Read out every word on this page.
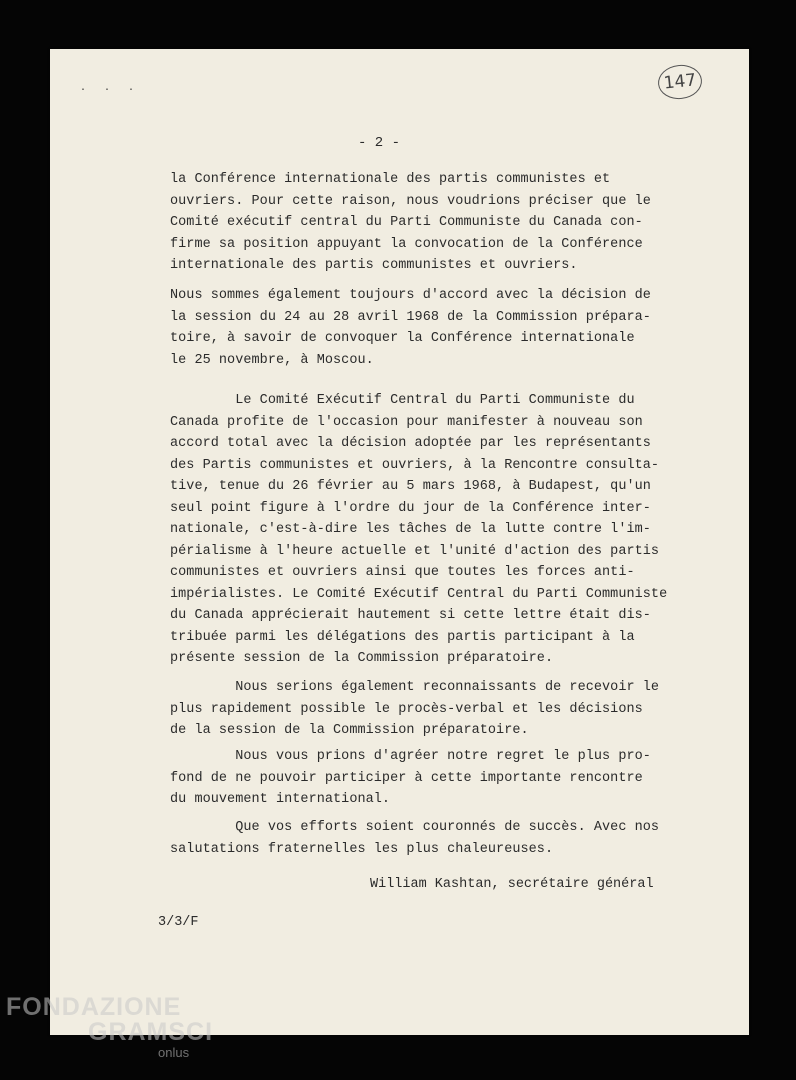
· · ·	147
- 2 -
la Conférence internationale des partis communistes et
ouvriers. Pour cette raison, nous voudrions préciser que le
Comité exécutif central du Parti Communiste du Canada con-
firme sa position appuyant la convocation de la Conférence
internationale des partis communistes et ouvriers.
Nous sommes également toujours d'accord avec la décision de
la session du 24 au 28 avril 1968 de la Commission prépara-
toire, à savoir de convoquer la Conférence internationale
le 25 novembre, à Moscou.
Le Comité Exécutif Central du Parti Communiste du
Canada profite de l'occasion pour manifester à nouveau son
accord total avec la décision adoptée par les représentants
des Partis communistes et ouvriers, à la Rencontre consulta-
tive, tenue du 26 février au 5 mars 1968, à Budapest, qu'un
seul point figure à l'ordre du jour de la Conférence inter-
nationale, c'est-à-dire les tâches de la lutte contre l'im-
périalisme à l'heure actuelle et l'unité d'action des partis
communistes et ouvriers ainsi que toutes les forces anti-
impérialistes. Le Comité Exécutif Central du Parti Communiste
du Canada apprécierait hautement si cette lettre était dis-
tribuée parmi les délégations des partis participant à la
présente session de la Commission préparatoire.
Nous serions également reconnaissants de recevoir le
plus rapidement possible le procès-verbal et les décisions
de la session de la Commission préparatoire.
Nous vous prions d'agréer notre regret le plus pro-
fond de ne pouvoir participer à cette importante rencontre
du mouvement international.
Que vos efforts soient couronnés de succès. Avec nos
salutations fraternelles les plus chaleureuses.
William Kashtan, secrétaire général
3/3/F
FONDAZIONE
GRAMSCI
onlus
